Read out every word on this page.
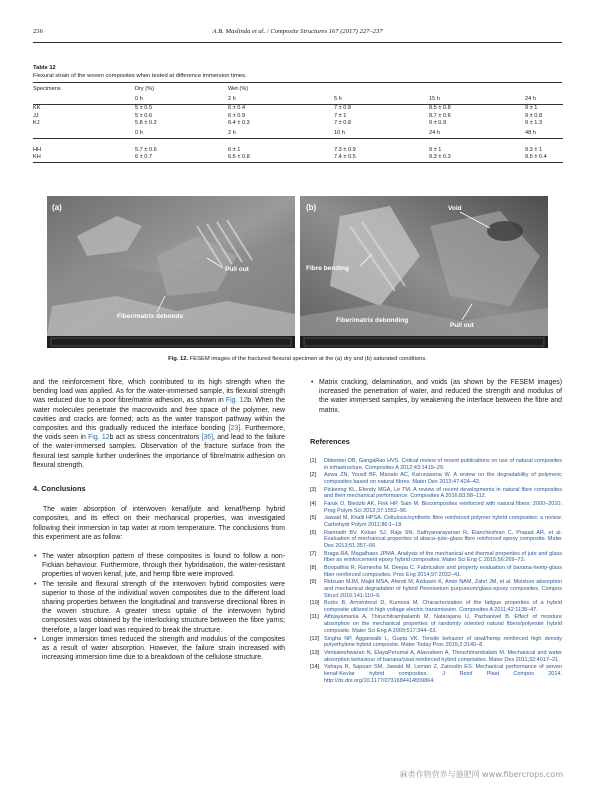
236	A.B. Maslinda et al. / Composite Structures 167 (2017) 227–237
Table 12
Flexural strain of the woven composites when tested at difference immersion times.
Specimens	Dry (%)	Wet (%)			
	0 h	2 h	5 h	15 h	24 h
KK	5 ± 0.5	6 ± 0.4	7 ± 0.8	8.5 ± 0.8	9 ± 1
JJ	5 ± 0.6	6 ± 0.9	7 ± 1	8.7 ± 0.6	9 ± 0.8
KJ	5.8 ± 0.2	6.4 ± 0.3	7 ± 0.8	9 ± 0.9	9 ± 1.3
	0 h	2 h	10 h	24 h	48 h

HH	5.7 ± 0.6	6 ± 1	7.3 ± 0.9	9 ± 1	9.3 ± 1
KH	6 ± 0.7	6.5 ± 0.8	7.4 ± 0.5	9.3 ± 0.3	9.5 ± 0.4
(a)
Pull out
Fiber/matrix debonds
(b)	Void
Fibre bending
Fiber/matrix debonding
Pull out
Fig. 12. FESEM images of the fractured flexural specimen at the (a) dry and (b) saturated conditions.

and the reinforcement fibre, which contributed to its high strength when the bending load was applied. As for the water-immersed sample, its flexural strength was reduced due to a poor fibre/matrix adhesion, as shown in Fig. 12b. When the water molecules penetrate the macrovoids and free space of the polymer, new cavities and cracks are formed; acts as the water transport pathway within the composites and this gradually reduced the interface bonding [23]. Furthermore, the voids seen in Fig. 12b act as stress concentrators [36], and lead to the failure of the water-immersed samples. Observation of the fracture surface from the flexural test sample further underlines the importance of fibre/matrix adhesion on flexural strength.

4. Conclusions

The water absorption of interwoven kenaf/jute and kenaf/hemp hybrid composites, and its effect on their mechanical properties, was investigated following their immersion in tap water at room temperature. The conclusions from this experiment are as follow:

• The water absorption pattern of these composites is found to follow a non-Fickian behaviour. Furthermore, through their hybridisation, the water-resistant properties of woven kenaf, jute, and hemp fibre were improved.
• The tensile and flexural strength of the interwoven hybrid composites were superior to those of the individual woven composites due to the different load sharing properties between the longitudinal and transverse directional fibres in the woven structure. A greater stress uptake of the interwoven hybrid composites was obtained by the interlocking structure between the fibre yarns; therefore, a larger load was required to break the structure.
• Longer immersion times reduced the strength and modulus of the composites as a result of water absorption. However, the failure strain increased with increasing immersion time due to a breakdown of the cellulose structure.
• Matrix cracking, delamination, and voids (as shown by the FESEM images) increased the penetration of water, and reduced the strength and modulus of the water immersed samples, by weakening the interface between the fibre and matrix.
References
[1] Dittenber DB, GangaRao HVS. Critical review of recent publications on use of natural composites in infrastructure. Composites A 2012;43:1419–29.
[2] Azwa ZN, Yousif BF, Manalo AC, Karunasena W. A review on the degradability of polymeric composites based on natural fibres. Mater Des 2013;47:424–42.
[3] Pickering KL, Efendy MGA, Le TM. A review of recent developments in natural fibre composites and their mechanical performance. Composites A 2016;83:98–112.
[4] Faruk O, Bledzki AK, Fink HP, Sain M. Biocomposites reinforced with natural fibers: 2000–2010. Prog Polym Sci 2012;37:1552–96.
[5] Jawaid M, Khalil HPSA. Cellulosic/synthetic fibre reinforced polymer hybrid composites: a review. Carbohydr Polym 2011;86:1–18.
[6] Ramnath BV, Kokan SJ, Raja SN, Sathyanarayanan R, Elanchezhian C, Prasad AR, et al. Evaluation of mechanical properties of abaca–jute–glass fibre reinforced epoxy composite. Mater Des 2013;51:357–66.
[7] Braga RA, Magalhaes JPMA. Analysis of the mechanical and thermal properties of jute and glass fiber as reinforcement epoxy hybrid composites. Mater Sci Eng C 2015;56:269–73.
[8] Boopathia R, Ramesha M, Deepa C. Fabrication and property evaluation of banana-hemp-glass fiber reinforced composites. Proc Eng 2014;97:2032–41.
[9] Ridzuan MJM, Majid MSA, Afendi M, Azduwin K, Amin NAM, Zahri JM, et al. Moisture absorption and mechanical degradation of hybrid Pennisetum purpureum/glass-epoxy composites. Compos Struct 2016;141:110–6.
[10] Burks B, Armentrout D, Kumosa M. Characterization of the fatigue properties of a hybrid composite utilized in high voltage electric transmission. Composites A 2011;42:1138–47.
[11] Athijayamania A, Thiruchitrambalamb M, Natarajana U, Pazhanivel B. Effect of moisture absorption on the mechanical properties of randomly oriented natural fibers/polyester hybrid composite. Mater Sci Eng A 2009;517:344–53.
[12] Singha NP, Aggarwalb L, Gupta VK. Tensile behavior of sisal/hemp reinforced high density polyethylene hybrid composite. Mater Today Proc 2015;2:3140–8.
[13] Venkateshwaran N, ElayaPerumal A, Alavudeen A, Thiruchitrambalam M. Mechanical and water absorption behaviour of banana/sisal reinforced hybrid composites. Mater Des 2011;32:4017–21.
[14] Yahaya R, Sapuan SM, Jawaid M, Leman Z, Zainudin ES. Mechanical performance of woven kenaf-Kevlar hybrid composites. J Reinf Plast Compos 2014. http://dx.doi.org/10.1177/0731684414559864.
麻类作物营养与施肥网 www.fibercrops.com
